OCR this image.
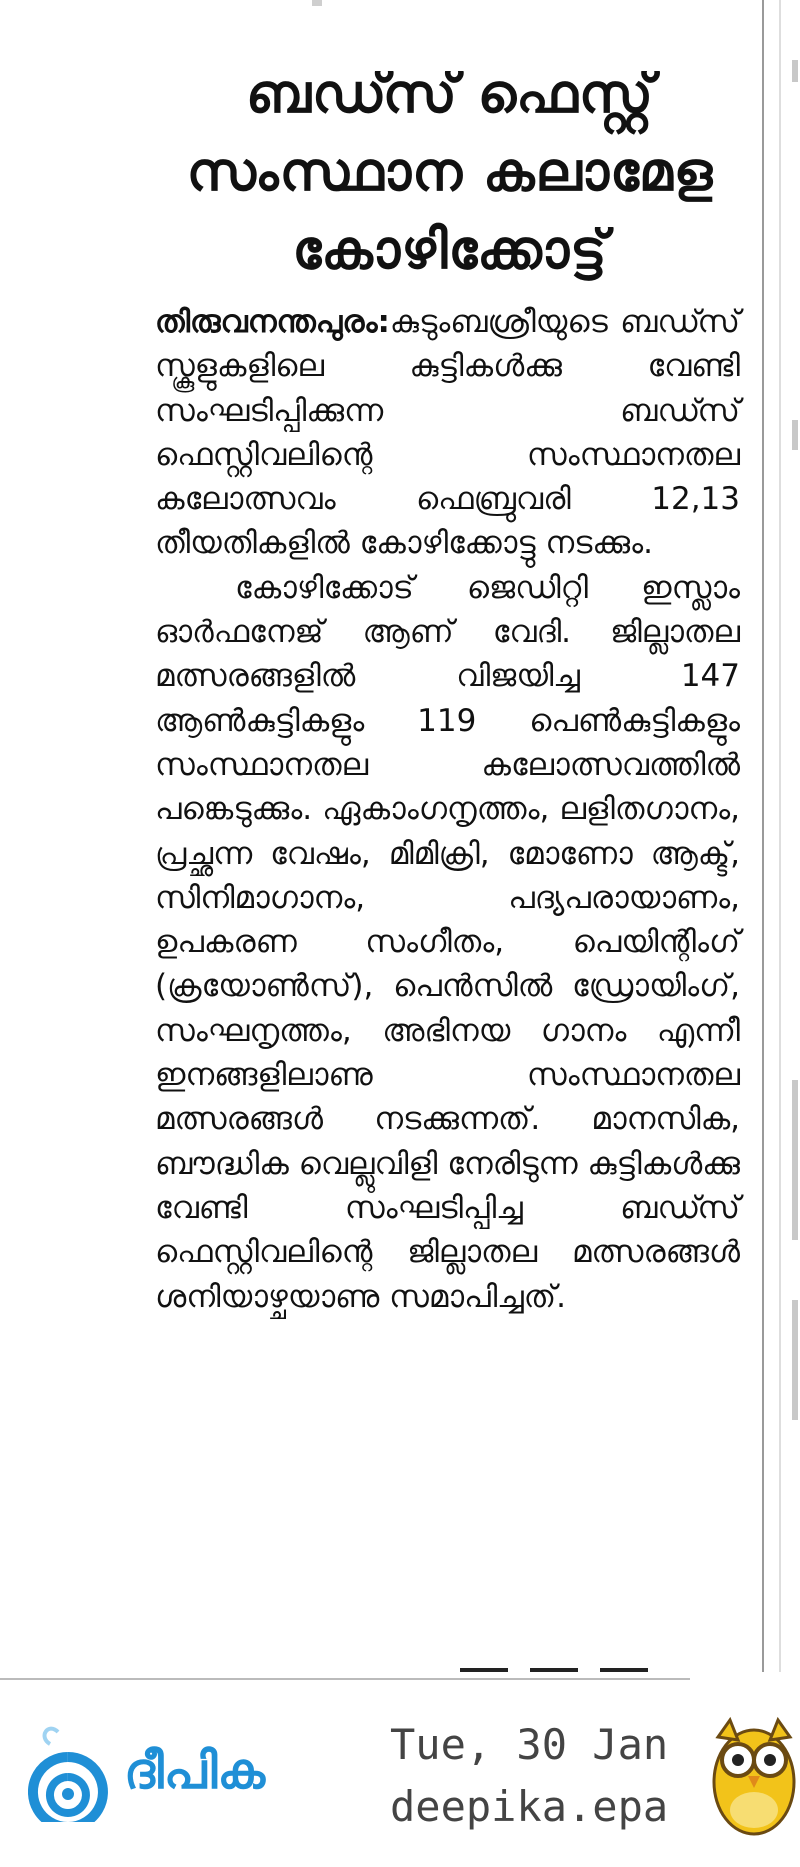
ബഡ്സ് ഫെസ്റ്റ്
സംസ്ഥാന കലാമേള
കോഴിക്കോട്ട്

തിരുവനന്തപുരം:കുടുംബശ്രീയുടെ ബഡ്സ് സ്കൂളുകളിലെ കുട്ടികൾക്കു വേണ്ടി സംഘടിപ്പിക്കുന്ന ബഡ്സ് ഫെസ്റ്റിവലിന്റെ സംസ്ഥാനതല കലോത്സവം ഫെബ്രുവരി 12,13 തീയതികളിൽ കോഴിക്കോട്ടു നടക്കും.

കോഴിക്കോട് ജെഡിറ്റി ഇസ്ലാം ഓർഫനേജ് ആണ് വേദി. ജില്ലാതല മത്സരങ്ങളിൽ വിജയിച്ച 147 ആൺകുട്ടികളും 119 പെൺകുട്ടികളും സംസ്ഥാനതല കലോത്സവത്തിൽ പങ്കെടുക്കും. ഏകാംഗനൃത്തം, ലളിതഗാനം, പ്രച്ഛന്ന വേഷം, മിമിക്രി, മോണോ ആക്ട്, സിനിമാഗാനം, പദ്യപരായാണം, ഉപകരണ സംഗീതം, പെയിന്റിംഗ് (ക്രയോൺസ്), പെൻസിൽ ഡ്രോയിംഗ്, സംഘനൃത്തം, അഭിനയ ഗാനം എന്നീ ഇനങ്ങളിലാണു സംസ്ഥാനതല മത്സരങ്ങൾ നടക്കുന്നത്. മാനസിക, ബൗദ്ധിക വെല്ലുവിളി നേരിടുന്ന കുട്ടികൾക്കു വേണ്ടി സംഘടിപ്പിച്ച ബഡ്സ് ഫെസ്റ്റിവലിന്റെ ജില്ലാതല മത്സരങ്ങൾ ശനിയാഴ്ചയാണു സമാപിച്ചത്.

ദീപിക	Tue, 30 Jan
deepika.epa
